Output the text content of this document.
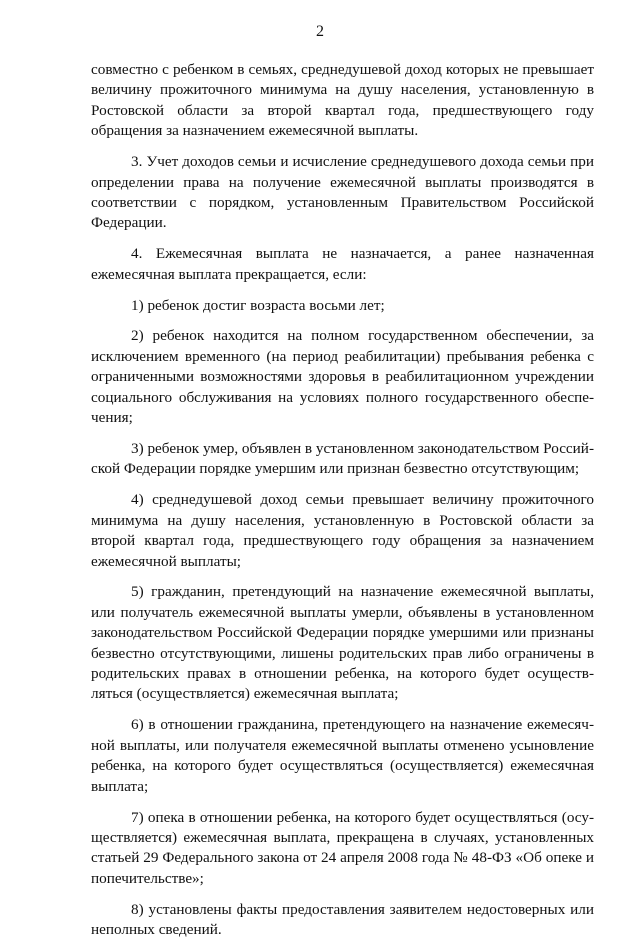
2

совместно с ребенком в семьях, среднедушевой доход которых не превышает величину прожиточного минимума на душу населения, установленную в Ростовской области за второй квартал года, предшествующего году обращения за назначением ежемесячной выплаты.

3. Учет доходов семьи и исчисление среднедушевого дохода семьи при определении права на получение ежемесячной выплаты производятся в соответствии с порядком, установленным Правительством Российской Федерации.

4. Ежемесячная выплата не назначается, а ранее назначенная ежемесячная выплата прекращается, если:

1) ребенок достиг возраста восьми лет;

2) ребенок находится на полном государственном обеспечении, за исключением временного (на период реабилитации) пребывания ребенка с ограниченными возможностями здоровья в реабилитационном учреждении социального обслуживания на условиях полного государственного обеспечения;

3) ребенок умер, объявлен в установленном законодательством Российской Федерации порядке умершим или признан безвестно отсутствующим;

4) среднедушевой доход семьи превышает величину прожиточного минимума на душу населения, установленную в Ростовской области за второй квартал года, предшествующего году обращения за назначением ежемесячной выплаты;

5) гражданин, претендующий на назначение ежемесячной выплаты, или получатель ежемесячной выплаты умерли, объявлены в установленном законодательством Российской Федерации порядке умершими или признаны безвестно отсутствующими, лишены родительских прав либо ограничены в родительских правах в отношении ребенка, на которого будет осуществляться (осуществляется) ежемесячная выплата;

6) в отношении гражданина, претендующего на назначение ежемесячной выплаты, или получателя ежемесячной выплаты отменено усыновление ребенка, на которого будет осуществляться (осуществляется) ежемесячная выплата;

7) опека в отношении ребенка, на которого будет осуществляться (осуществляется) ежемесячная выплата, прекращена в случаях, установленных статьей 29 Федерального закона от 24 апреля 2008 года № 48-ФЗ «Об опеке и попечительстве»;

8) установлены факты предоставления заявителем недостоверных или неполных сведений.
